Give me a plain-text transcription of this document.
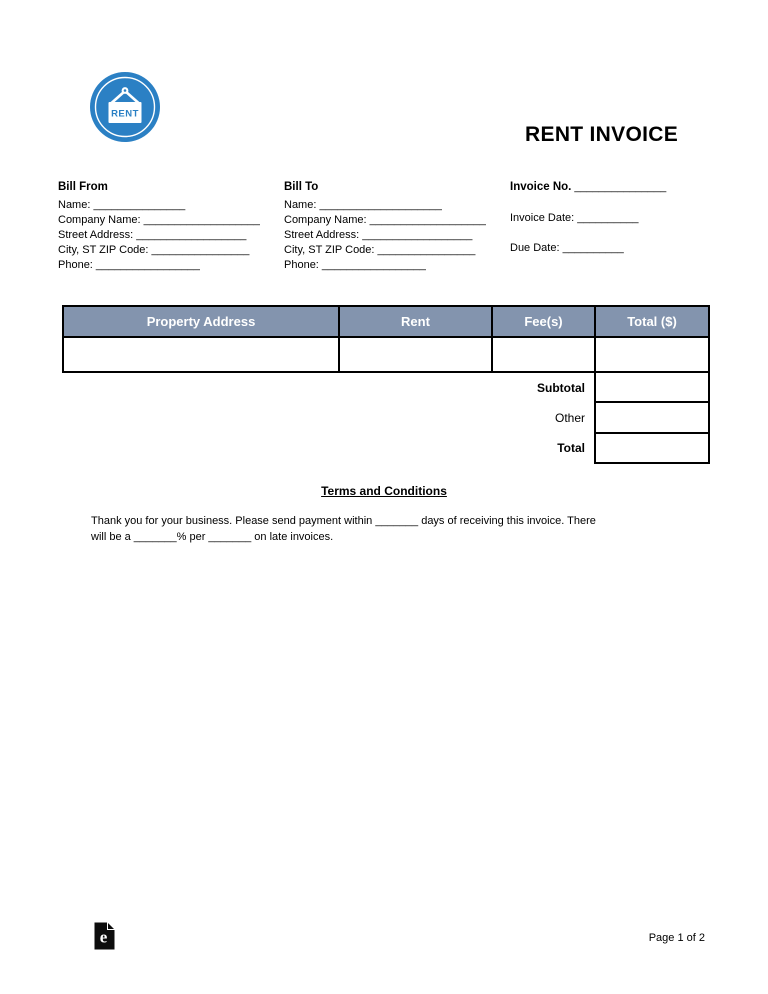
RENT
RENT INVOICE
Bill From
Name: _______________
Company Name: ___________________
Street Address: __________________
City, ST ZIP Code: ________________
Phone: _________________
Bill To
Name: ____________________
Company Name: ___________________
Street Address: __________________
City, ST ZIP Code: ________________
Phone: _________________
Invoice No. _______________
Invoice Date: __________
Due Date: __________
Property Address	Rent	Fee(s)	Total ($)

Subtotal			
Other			
Total			
Terms and Conditions
Thank you for your business. Please send payment within _______ days of receiving this invoice. There
will be a _______% per _______ on late invoices.
e	Page 1 of 2
